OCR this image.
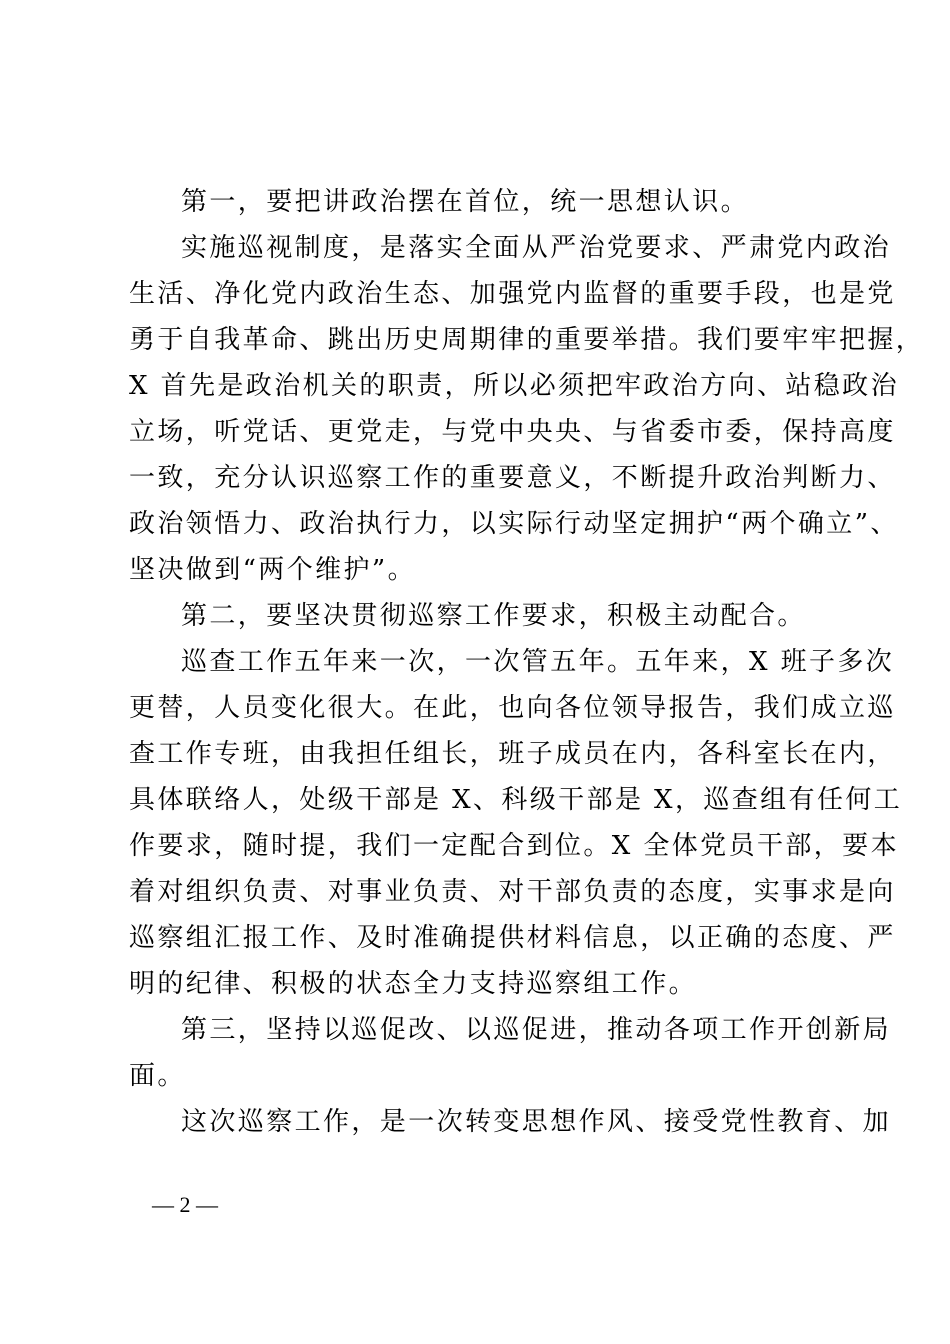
第一，要把讲政治摆在首位，统一思想认识。
实施巡视制度，是落实全面从严治党要求、严肃党内政治
生活、净化党内政治生态、加强党内监督的重要手段，也是党
勇于自我革命、跳出历史周期律的重要举措。我们要牢牢把握，
X 首先是政治机关的职责，所以必须把牢政治方向、站稳政治
立场，听党话、更党走，与党中央央、与省委市委，保持高度
一致，充分认识巡察工作的重要意义，不断提升政治判断力、
政治领悟力、政治执行力，以实际行动坚定拥护“两个确立”、
坚决做到“两个维护”。
第二，要坚决贯彻巡察工作要求，积极主动配合。
巡查工作五年来一次，一次管五年。五年来，X 班子多次
更替，人员变化很大。在此，也向各位领导报告，我们成立巡
查工作专班，由我担任组长，班子成员在内，各科室长在内，
具体联络人，处级干部是 X、科级干部是 X，巡查组有任何工
作要求，随时提，我们一定配合到位。X 全体党员干部，要本
着对组织负责、对事业负责、对干部负责的态度，实事求是向
巡察组汇报工作、及时准确提供材料信息，以正确的态度、严
明的纪律、积极的状态全力支持巡察组工作。
第三，坚持以巡促改、以巡促进，推动各项工作开创新局
面。
这次巡察工作，是一次转变思想作风、接受党性教育、加
— 2 —
